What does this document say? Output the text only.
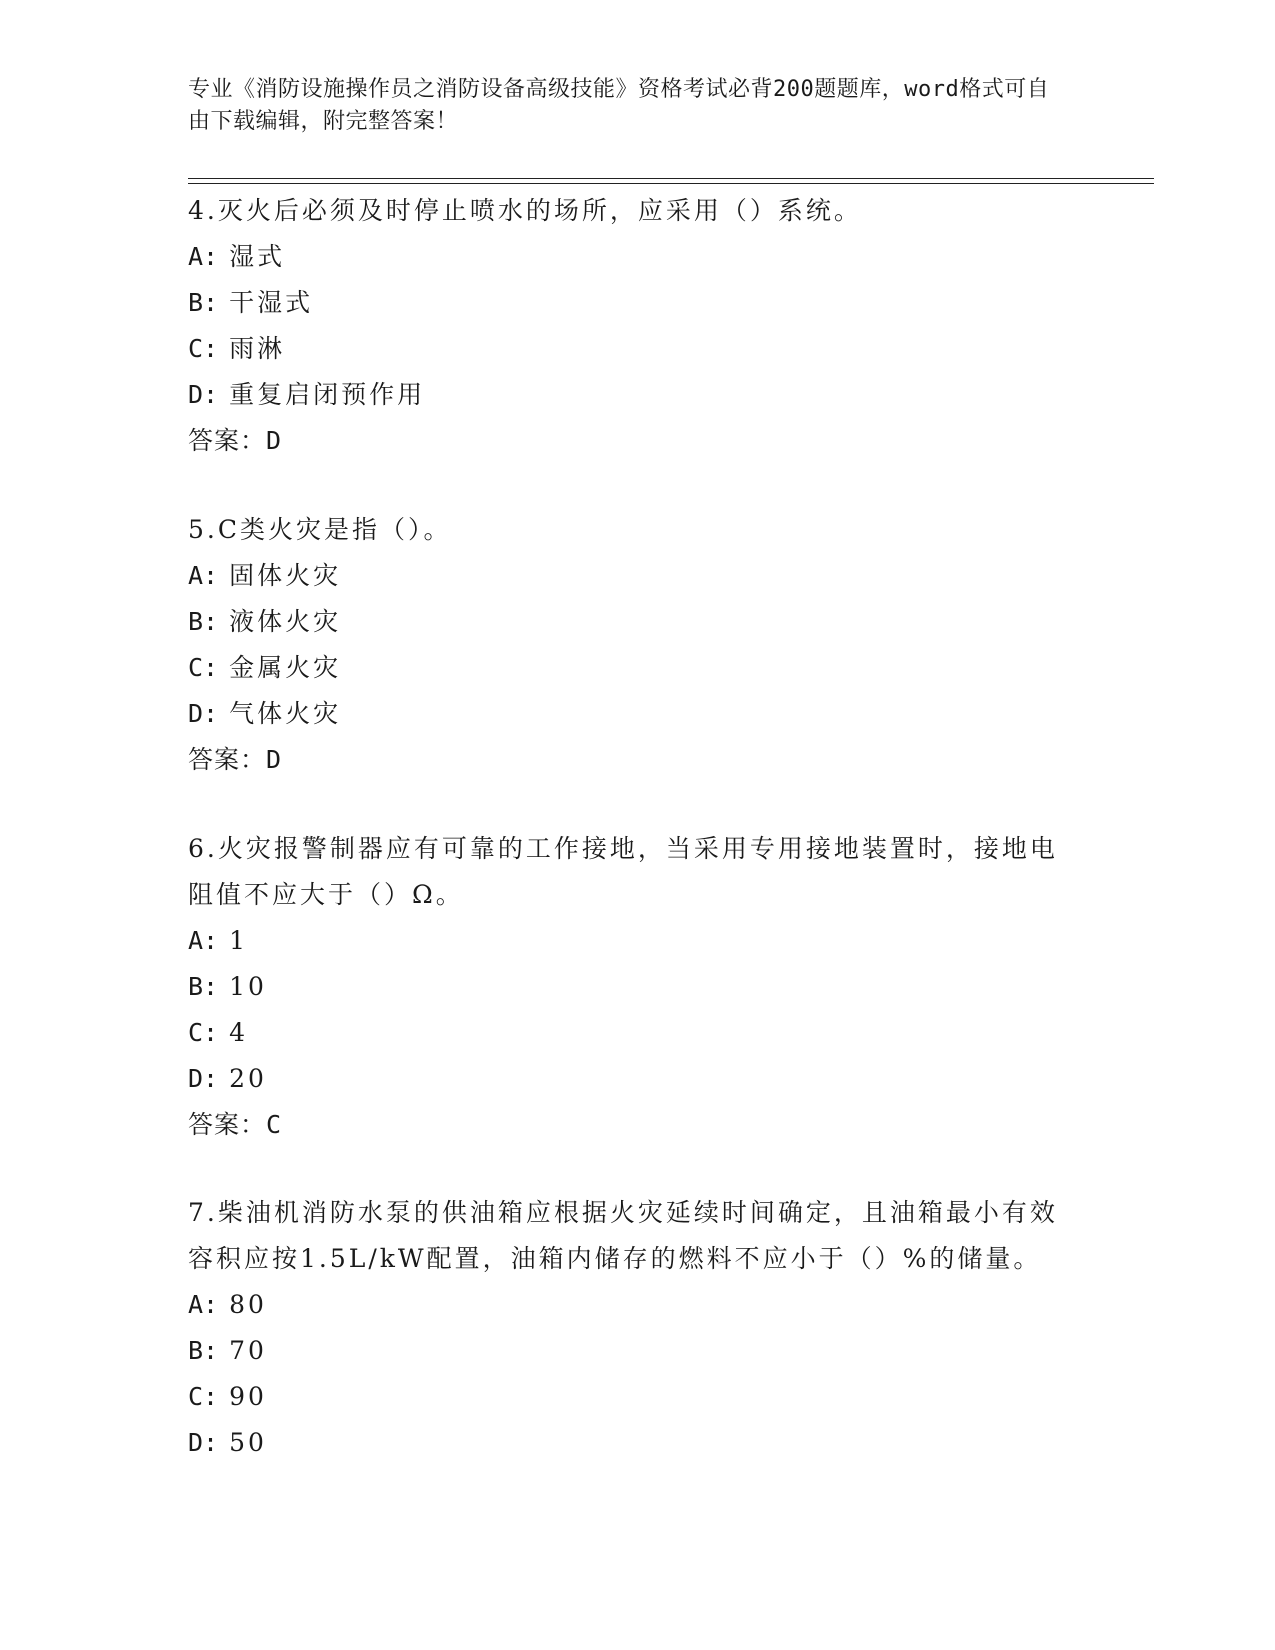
专业《消防设施操作员之消防设备高级技能》资格考试必背200题题库，word格式可自由下载编辑，附完整答案！
4.灭火后必须及时停止喷水的场所，应采用（）系统。
A: 湿式
B: 干湿式
C: 雨淋
D: 重复启闭预作用
答案：D
5.C类火灾是指（）。
A: 固体火灾
B: 液体火灾
C: 金属火灾
D: 气体火灾
答案：D
6.火灾报警制器应有可靠的工作接地，当采用专用接地装置时，接地电阻值不应大于（）Ω。
A: 1
B: 10
C: 4
D: 20
答案：C
7.柴油机消防水泵的供油箱应根据火灾延续时间确定，且油箱最小有效容积应按1.5L/kW配置，油箱内储存的燃料不应小于（）%的储量。
A: 80
B: 70
C: 90
D: 50
